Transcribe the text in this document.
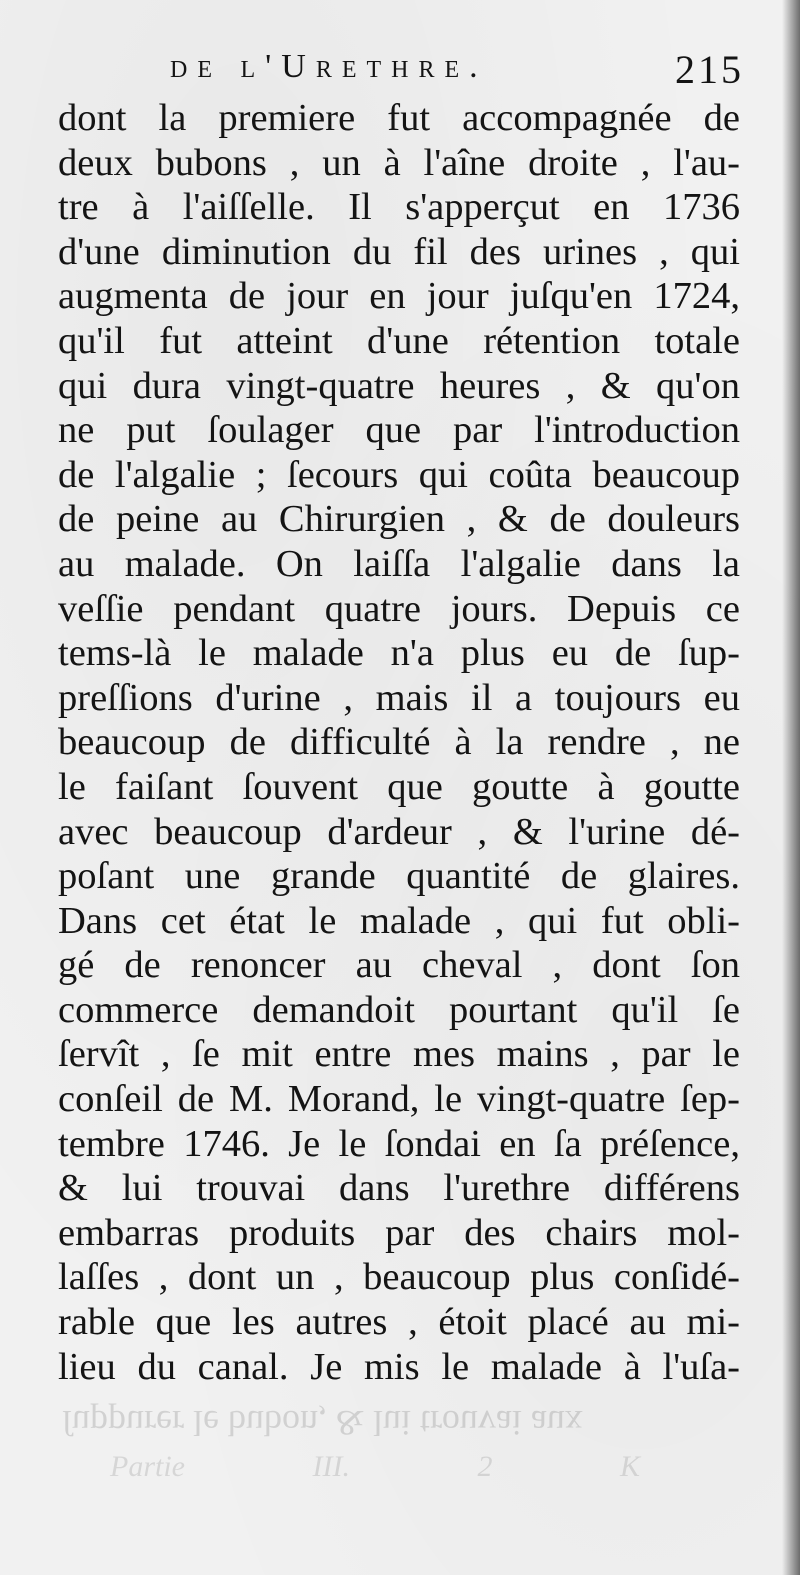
de l'Urethre.	215
dont la premiere fut accompagnée de
deux bubons , un à l'aîne droite , l'au-
tre à l'aiſſelle. Il s'apperçut en 1736
d'une diminution du fil des urines , qui
augmenta de jour en jour juſqu'en 1724,
qu'il fut atteint d'une rétention totale
qui dura vingt-quatre heures , & qu'on
ne put ſoulager que par l'introduction
de l'algalie ; ſecours qui coûta beaucoup
de peine au Chirurgien , & de douleurs
au malade. On laiſſa l'algalie dans la
veſſie pendant quatre jours. Depuis ce
tems-là le malade n'a plus eu de ſup-
preſſions d'urine , mais il a toujours eu
beaucoup de difficulté à la rendre , ne
le faiſant ſouvent que goutte à goutte
avec beaucoup d'ardeur , & l'urine dé-
poſant une grande quantité de glaires.
Dans cet état le malade , qui fut obli-
gé de renoncer au cheval , dont ſon
commerce demandoit pourtant qu'il ſe
ſervît , ſe mit entre mes mains , par le
conſeil de M. Morand, le vingt-quatre ſep-
tembre 1746. Je le ſondai en ſa préſence,
& lui trouvai dans l'urethre différens
embarras produits par des chairs mol-
laſſes , dont un , beaucoup plus conſidé-
rable que les autres , étoit placé au mi-
lieu du canal. Je mis le malade à l'uſa-
ſuppurer le bubon, & lui trouvai aux
Partie III. 2 K
